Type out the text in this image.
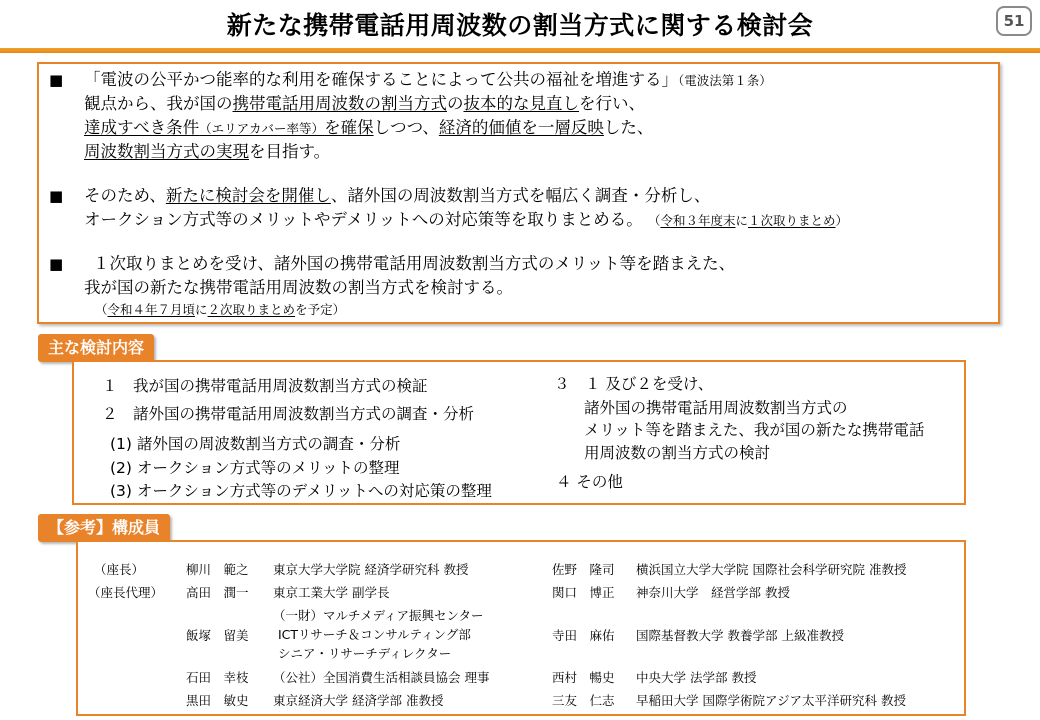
新たな携帯電話用周波数の割当方式に関する検討会	51
■ 「電波の公平かつ能率的な利用を確保することによって公共の福祉を増進する」（電波法第１条）
観点から、我が国の携帯電話用周波数の割当方式の抜本的な見直しを行い、
達成すべき条件（エリアカバー率等）を確保しつつ、経済的価値を一層反映した、
周波数割当方式の実現を目指す。
■ そのため、新たに検討会を開催し、諸外国の周波数割当方式を幅広く調査・分析し、
オークション方式等のメリットやデメリットへの対応策等を取りまとめる。 （令和３年度末に１次取りまとめ）
■ １次取りまとめを受け、諸外国の携帯電話用周波数割当方式のメリット等を踏まえた、
我が国の新たな携帯電話用周波数の割当方式を検討する。
（令和４年７月頃に２次取りまとめを予定）
主な検討内容
１　我が国の携帯電話用周波数割当方式の検証
２　諸外国の携帯電話用周波数割当方式の調査・分析
(1) 諸外国の周波数割当方式の調査・分析
(2) オークション方式等のメリットの整理
(3) オークション方式等のデメリットへの対応策の整理
３　１ 及び２を受け、
諸外国の携帯電話用周波数割当方式の
メリット等を踏まえた、我が国の新たな携帯電話
用周波数の割当方式の検討
４ その他
【参考】構成員
（座長）
（座長代理）
柳川　範之 東京大学大学院 経済学研究科 教授
高田　潤一 東京工業大学 副学長
飯塚　留美
（一財）マルチメディア振興センター
ICTリサーチ＆コンサルティング部
シニア・リサーチディレクター
石田　幸枝 （公社）全国消費生活相談員協会 理事
黒田　敏史 東京経済大学 経済学部 准教授
佐野　隆司 横浜国立大学大学院 国際社会科学研究院 准教授
関口　博正 神奈川大学　経営学部 教授
寺田　麻佑 国際基督教大学 教養学部 上級准教授
西村　暢史 中央大学 法学部 教授
三友　仁志 早稲田大学 国際学術院アジア太平洋研究科 教授
